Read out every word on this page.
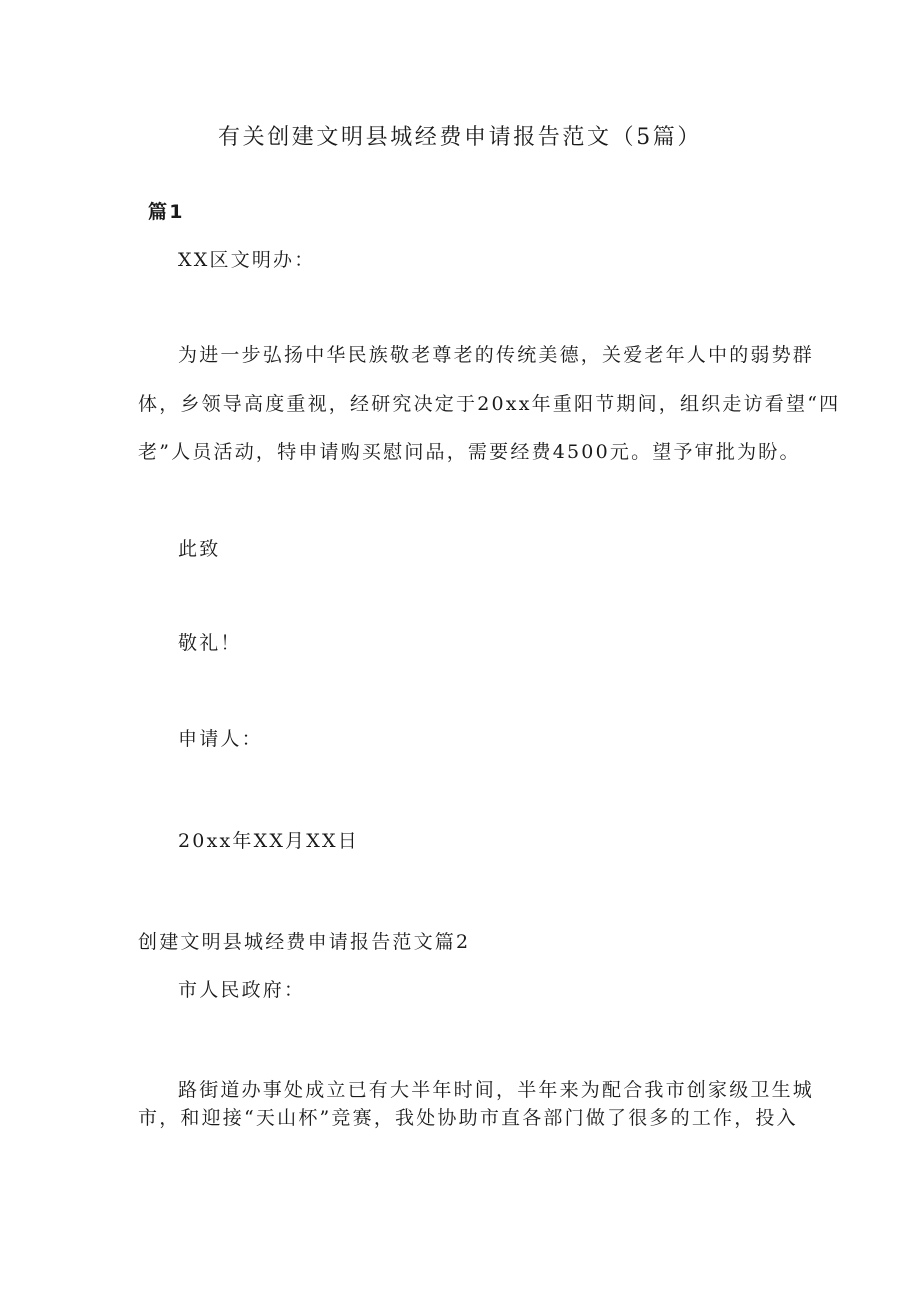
有关创建文明县城经费申请报告范文（5篇）
篇1
XX区文明办：
为进一步弘扬中华民族敬老尊老的传统美德，关爱老年人中的弱势群
体，乡领导高度重视，经研究决定于20xx年重阳节期间，组织走访看望“四
老”人员活动，特申请购买慰问品，需要经费4500元。望予审批为盼。
此致
敬礼！
申请人：
20xx年XX月XX日
创建文明县城经费申请报告范文篇2
市人民政府：
路街道办事处成立已有大半年时间，半年来为配合我市创家级卫生城
市，和迎接“天山杯”竞赛，我处协助市直各部门做了很多的工作，投入
